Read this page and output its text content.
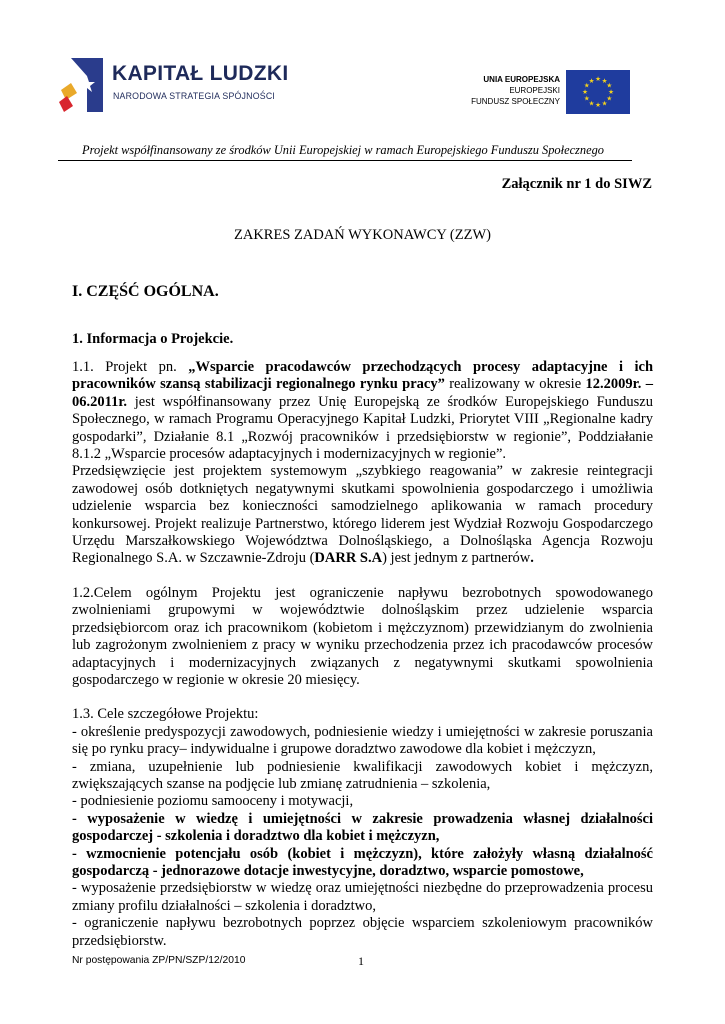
KAPITAŁ LUDZKI
NARODOWA STRATEGIA SPÓJNOŚCI
UNIA EUROPEJSKA
EUROPEJSKI
FUNDUSZ SPOŁECZNY
★
★
★
★
★
★
★
★
★ ★ ★
★
Projekt współfinansowany ze środków Unii Europejskiej w ramach Europejskiego Funduszu Społecznego
Załącznik nr 1 do SIWZ
ZAKRES ZADAŃ WYKONAWCY (ZZW)
I. CZĘŚĆ OGÓLNA.
1. Informacja o Projekcie.

1.1. Projekt pn. „Wsparcie pracodawców przechodzących procesy adaptacyjne i ich pracowników szansą stabilizacji regionalnego rynku pracy” realizowany w okresie 12.2009r. – 06.2011r. jest współfinansowany przez Unię Europejską ze środków Europejskiego Funduszu Społecznego, w ramach Programu Operacyjnego Kapitał Ludzki, Priorytet VIII „Regionalne kadry gospodarki”, Działanie 8.1 „Rozwój pracowników i przedsiębiorstw w regionie”, Poddziałanie 8.1.2 „Wsparcie procesów adaptacyjnych i modernizacyjnych w regionie”.

Przedsięwzięcie jest projektem systemowym „szybkiego reagowania” w zakresie reintegracji zawodowej osób dotkniętych negatywnymi skutkami spowolnienia gospodarczego i umożliwia udzielenie wsparcia bez konieczności samodzielnego aplikowania w ramach procedury konkursowej. Projekt realizuje Partnerstwo, którego liderem jest Wydział Rozwoju Gospodarczego Urzędu Marszałkowskiego Województwa Dolnośląskiego, a Dolnośląska Agencja Rozwoju Regionalnego S.A. w Szczawnie-Zdroju (DARR S.A) jest jednym z partnerów.

1.2.Celem ogólnym Projektu jest ograniczenie napływu bezrobotnych spowodowanego zwolnieniami grupowymi w województwie dolnośląskim przez udzielenie wsparcia przedsiębiorcom oraz ich pracownikom (kobietom i mężczyznom) przewidzianym do zwolnienia lub zagrożonym zwolnieniem z pracy w wyniku przechodzenia przez ich pracodawców procesów adaptacyjnych i modernizacyjnych związanych z negatywnymi skutkami spowolnienia gospodarczego w regionie w okresie 20 miesięcy.

1.3. Cele szczegółowe Projektu:

- określenie predyspozycji zawodowych, podniesienie wiedzy i umiejętności w zakresie poruszania się po rynku pracy– indywidualne i grupowe doradztwo zawodowe dla kobiet i mężczyzn,

- zmiana, uzupełnienie lub podniesienie kwalifikacji zawodowych kobiet i mężczyzn, zwiększających szanse na podjęcie lub zmianę zatrudnienia – szkolenia,

- podniesienie poziomu samooceny i motywacji,

- wyposażenie w wiedzę i umiejętności w zakresie prowadzenia własnej działalności gospodarczej - szkolenia i doradztwo dla kobiet i mężczyzn,

- wzmocnienie potencjału osób (kobiet i mężczyzn), które założyły własną działalność gospodarczą - jednorazowe dotacje inwestycyjne, doradztwo, wsparcie pomostowe,

- wyposażenie przedsiębiorstw w wiedzę oraz umiejętności niezbędne do przeprowadzenia procesu zmiany profilu działalności – szkolenia i doradztwo,

- ograniczenie napływu bezrobotnych poprzez objęcie wsparciem szkoleniowym pracowników przedsiębiorstw.

Nr postępowania ZP/PN/SZP/12/2010	1
